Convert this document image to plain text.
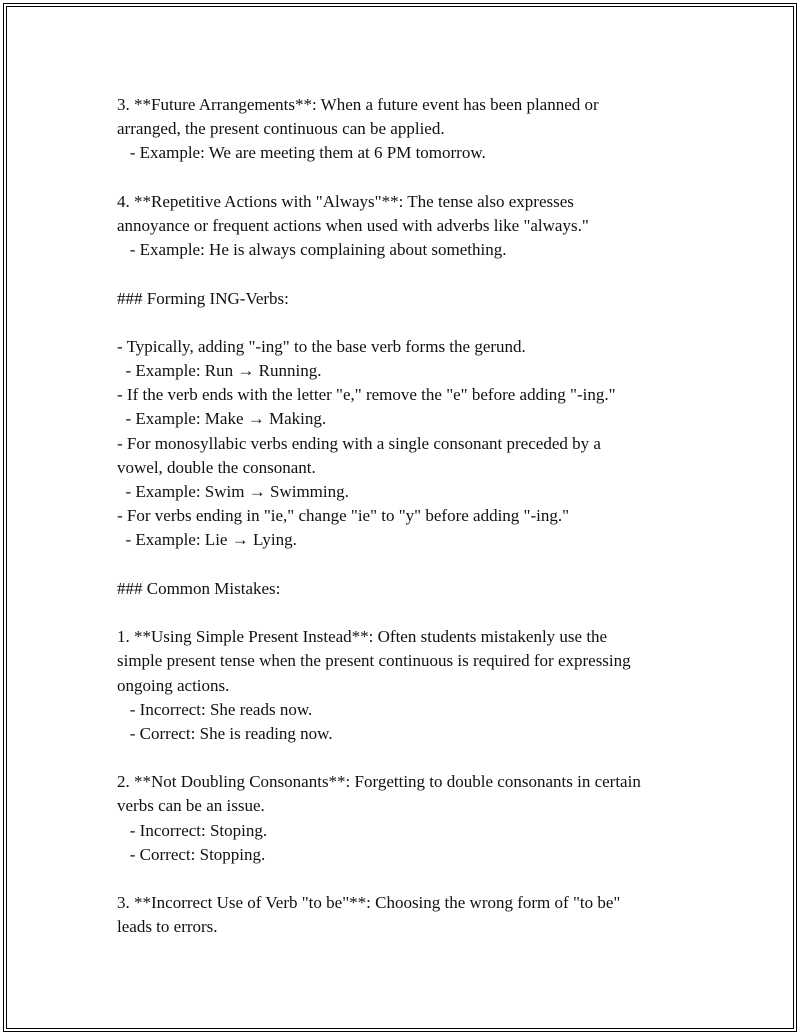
3. **Future Arrangements**: When a future event has been planned or
arranged, the present continuous can be applied.
- Example: We are meeting them at 6 PM tomorrow.
4. **Repetitive Actions with "Always"**: The tense also expresses
annoyance or frequent actions when used with adverbs like "always."
- Example: He is always complaining about something.
### Forming ING-Verbs:
- Typically, adding "-ing" to the base verb forms the gerund.
- Example: Run → Running.
- If the verb ends with the letter "e," remove the "e" before adding "-ing."
- Example: Make → Making.
- For monosyllabic verbs ending with a single consonant preceded by a
vowel, double the consonant.
- Example: Swim → Swimming.
- For verbs ending in "ie," change "ie" to "y" before adding "-ing."
- Example: Lie → Lying.
### Common Mistakes:
1. **Using Simple Present Instead**: Often students mistakenly use the
simple present tense when the present continuous is required for expressing
ongoing actions.
- Incorrect: She reads now.
- Correct: She is reading now.
2. **Not Doubling Consonants**: Forgetting to double consonants in certain
verbs can be an issue.
- Incorrect: Stoping.
- Correct: Stopping.
3. **Incorrect Use of Verb "to be"**: Choosing the wrong form of "to be"
leads to errors.
